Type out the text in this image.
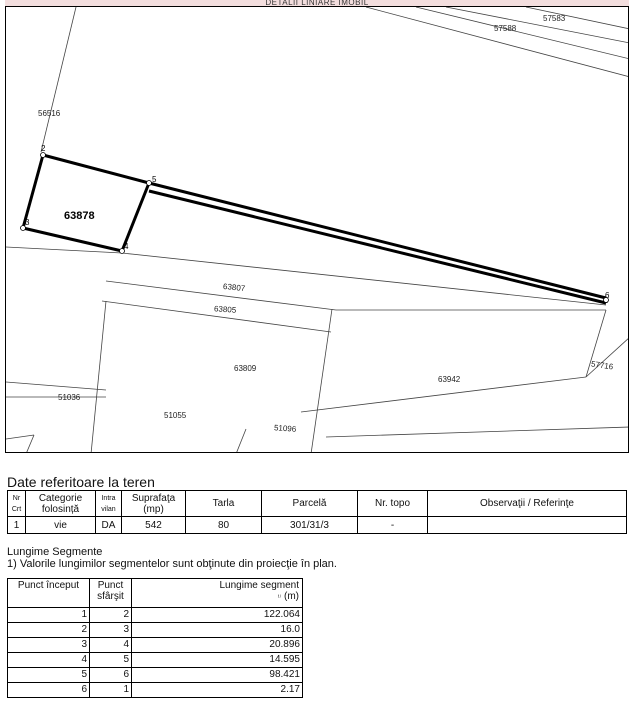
DETALII LINIARE IMOBIL
57583
57588
56516
63878
63807
63805
63809
63942
51036
51055
51096
57716
2
3
4
5
6
Date referitoare la teren
Nr Crt	Categorie folosință	Intra vilan	Suprafaţa (mp)	Tarla	Parcelă	Nr. topo	Observaţii / Referinţe
1	vie	DA	542	80	301/31/3	-	
Lungime Segmente
1) Valorile lungimilor segmentelor sunt obţinute din proiecţie în plan.
Punct început	Punct sfârşit	Lungime segment
¹⁾ (m)
1	2	122.064
2	3	16.0
3	4	20.896
4	5	14.595
5	6	98.421
6	1	2.17
